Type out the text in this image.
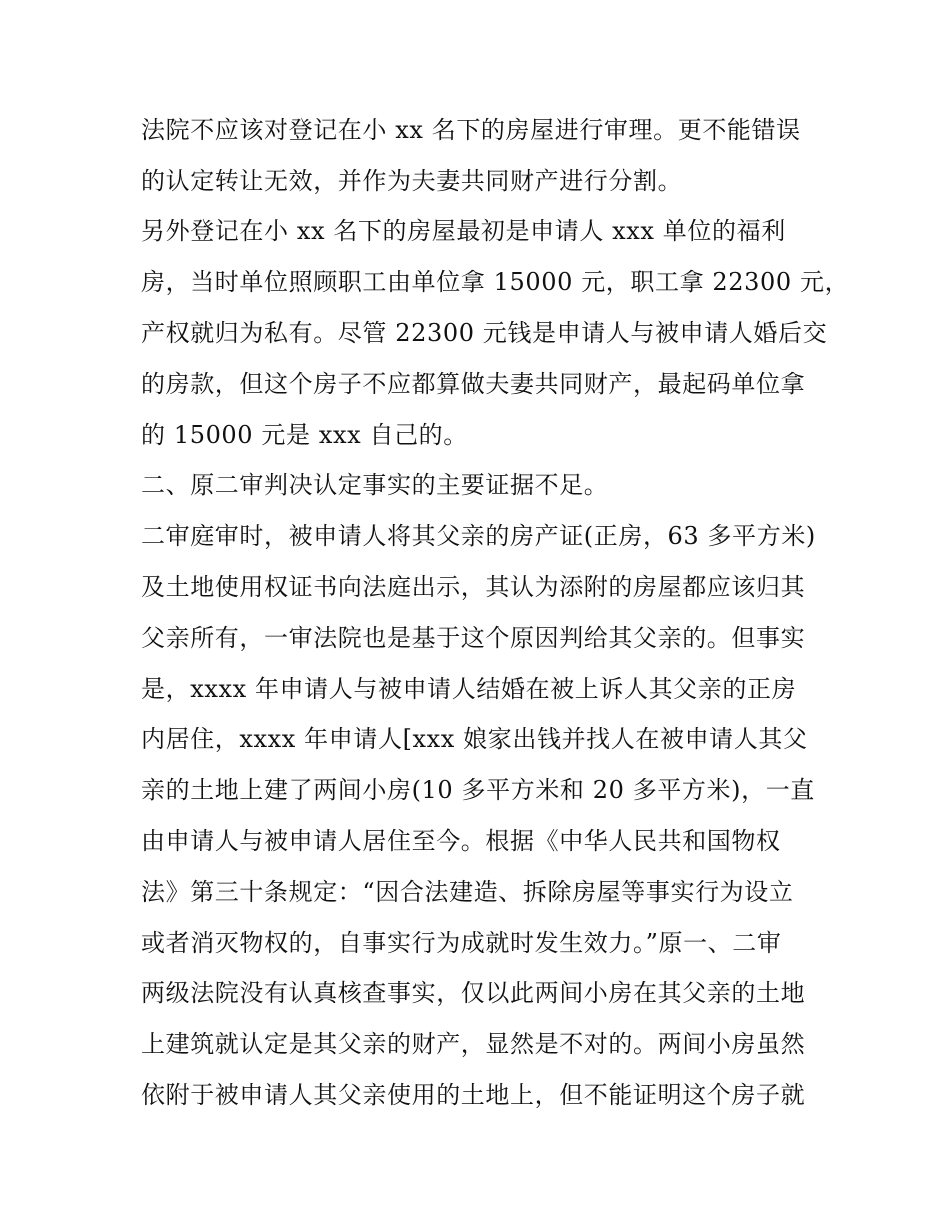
法院不应该对登记在小 xx 名下的房屋进行审理。更不能错误
的认定转让无效，并作为夫妻共同财产进行分割。
另外登记在小 xx 名下的房屋最初是申请人 xxx 单位的福利
房，当时单位照顾职工由单位拿 15000 元，职工拿 22300 元，
产权就归为私有。尽管 22300 元钱是申请人与被申请人婚后交
的房款，但这个房子不应都算做夫妻共同财产，最起码单位拿
的 15000 元是 xxx 自己的。
二、原二审判决认定事实的主要证据不足。
二审庭审时，被申请人将其父亲的房产证(正房，63 多平方米)
及土地使用权证书向法庭出示，其认为添附的房屋都应该归其
父亲所有，一审法院也是基于这个原因判给其父亲的。但事实
是，xxxx 年申请人与被申请人结婚在被上诉人其父亲的正房
内居住，xxxx 年申请人[xxx 娘家出钱并找人在被申请人其父
亲的土地上建了两间小房(10 多平方米和 20 多平方米)，一直
由申请人与被申请人居住至今。根据《中华人民共和国物权
法》第三十条规定：“因合法建造、拆除房屋等事实行为设立
或者消灭物权的，自事实行为成就时发生效力。”原一、二审
两级法院没有认真核查事实，仅以此两间小房在其父亲的土地
上建筑就认定是其父亲的财产，显然是不对的。两间小房虽然
依附于被申请人其父亲使用的土地上，但不能证明这个房子就
